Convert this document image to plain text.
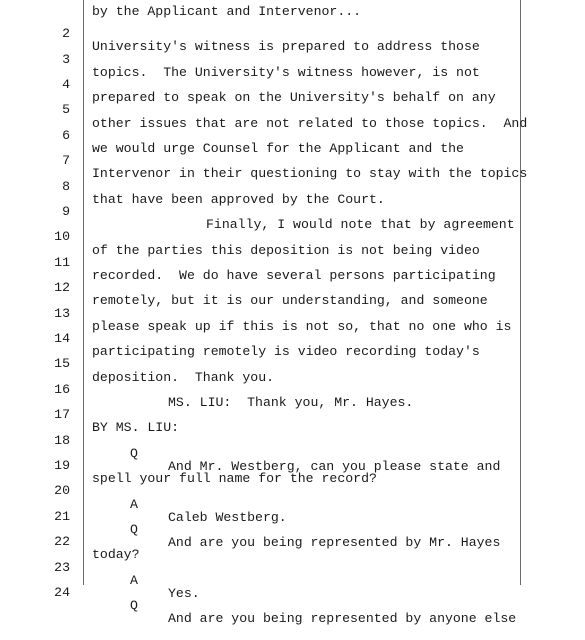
by the Applicant and Intervenor...

2

University's witness is prepared to address those

3

topics.  The University's witness however, is not

4

prepared to speak on the University's behalf on any

5

other issues that are not related to those topics.  And

6

we would urge Counsel for the Applicant and the

7

Intervenor in their questioning to stay with the topics

8

that have been approved by the Court.

9

Finally, I would note that by agreement

10

of the parties this deposition is not being video

11

recorded.  We do have several persons participating

12

remotely, but it is our understanding, and someone

13

please speak up if this is not so, that no one who is

14

participating remotely is video recording today's

15

deposition.  Thank you.

16

MS. LIU:  Thank you, Mr. Hayes.

17

BY MS. LIU:

18

Q

And Mr. Westberg, can you please state and

19

spell your full name for the record?

20

A

Caleb Westberg.

21

Q

And are you being represented by Mr. Hayes

22

today?

23

A

Yes.

24

Q

And are you being represented by anyone else
